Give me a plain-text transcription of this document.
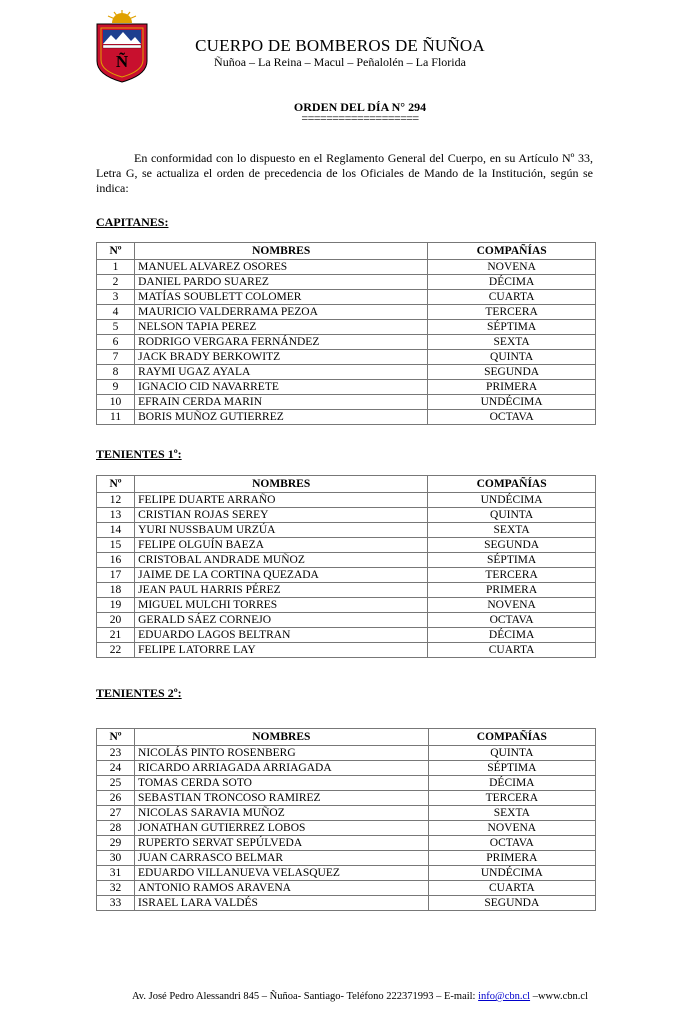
Ñ
CUERPO DE BOMBEROS DE ÑUÑOA
Ñuñoa – La Reina – Macul – Peñalolén – La Florida
ORDEN DEL DÍA N° 294
===================

En conformidad con lo dispuesto en el Reglamento General del Cuerpo, en su Artículo Nº 33, Letra G, se actualiza el orden de precedencia de los Oficiales de Mando de la Institución, según se indica:

CAPITANES:
TENIENTES 1º:
TENIENTES 2º:
Nº	NOMBRES	COMPAÑÍAS
1	MANUEL ALVAREZ OSORES	NOVENA
2	DANIEL PARDO SUAREZ	DÉCIMA
3	MATÍAS SOUBLETT COLOMER	CUARTA
4	MAURICIO VALDERRAMA PEZOA	TERCERA
5	NELSON TAPIA PEREZ	SÉPTIMA
6	RODRIGO VERGARA FERNÁNDEZ	SEXTA
7	JACK BRADY BERKOWITZ	QUINTA
8	RAYMI UGAZ AYALA	SEGUNDA
9	IGNACIO CID NAVARRETE	PRIMERA
10	EFRAIN CERDA MARIN	UNDÉCIMA
11	BORIS MUÑOZ GUTIERREZ	OCTAVA
Nº	NOMBRES	COMPAÑÍAS
12	FELIPE DUARTE ARRAÑO	UNDÉCIMA
13	CRISTIAN ROJAS SEREY	QUINTA
14	YURI NUSSBAUM URZÚA	SEXTA
15	FELIPE OLGUÍN BAEZA	SEGUNDA
16	CRISTOBAL ANDRADE MUÑOZ	SÉPTIMA
17	JAIME DE LA CORTINA QUEZADA	TERCERA
18	JEAN PAUL HARRIS PÉREZ	PRIMERA
19	MIGUEL MULCHI TORRES	NOVENA
20	GERALD SÁEZ CORNEJO	OCTAVA
21	EDUARDO LAGOS BELTRAN	DÉCIMA
22	FELIPE LATORRE LAY	CUARTA
Nº	NOMBRES	COMPAÑÍAS
23	NICOLÁS PINTO ROSENBERG	QUINTA
24	RICARDO ARRIAGADA ARRIAGADA	SÉPTIMA
25	TOMAS CERDA SOTO	DÉCIMA
26	SEBASTIAN TRONCOSO RAMIREZ	TERCERA
27	NICOLAS SARAVIA MUÑOZ	SEXTA
28	JONATHAN GUTIERREZ LOBOS	NOVENA
29	RUPERTO SERVAT SEPÚLVEDA	OCTAVA
30	JUAN CARRASCO BELMAR	PRIMERA
31	EDUARDO VILLANUEVA VELASQUEZ	UNDÉCIMA
32	ANTONIO RAMOS ARAVENA	CUARTA
33	ISRAEL LARA VALDÉS	SEGUNDA
Av. José Pedro Alessandri 845 – Ñuñoa- Santiago- Teléfono 222371993 – E-mail: info@cbn.cl –www.cbn.cl
